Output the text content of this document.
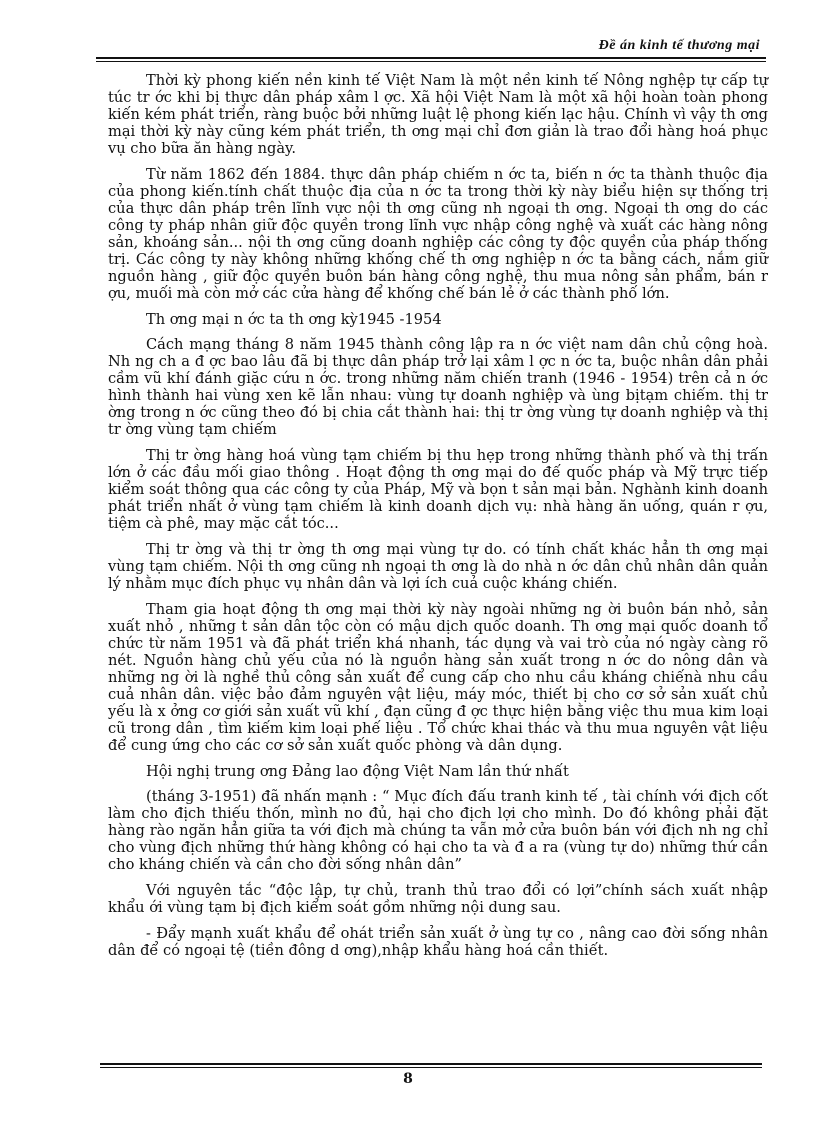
Đề án kinh tế thương mại

Thời kỳ phong kiến nền kinh tế Việt Nam là một nền kinh tế Nông nghệp tự cấp tự túc tr ớc khi bị thực dân pháp xâm l ợc. Xã hội Việt Nam là một xã hội hoàn toàn phong kiến kém phát triển, ràng buộc bởi những luật lệ phong kiến lạc hậu. Chính vì vậy th ơng mại thời kỳ này cũng kém phát triển, th ơng mại chỉ đơn giản là trao đổi hàng hoá phục vụ cho bữa ăn hàng ngày.

Từ năm 1862 đến 1884. thực dân pháp chiếm n ớc ta, biến n ớc ta thành thuộc địa của phong kiến.tính chất thuộc địa của n ớc ta trong thời kỳ này biểu hiện sự thống trị của thực dân pháp trên lĩnh vực nội th ơng cũng nh ngoại th ơng. Ngoại th ơng do các công ty pháp nhân giữ độc quyền trong lĩnh vực nhập công nghệ và xuất các hàng nông sản, khoáng sản... nội th ơng cũng doanh nghiệp các công ty độc quyền của pháp thống trị. Các công ty này không những khống chế th ơng nghiệp n ớc ta bằng cách, nắm giữ nguồn hàng , giữ độc quyền buôn bán hàng công nghệ, thu mua nông sản phẩm, bán r ợu, muối mà còn mở các cửa hàng để khống chế bán lẻ ở các thành phố lớn.

Th ơng mại n ớc ta th ơng kỳ1945 -1954

Cách mạng tháng 8 năm 1945 thành công lập ra n ớc việt nam dân chủ cộng hoà. Nh ng ch a đ ợc bao lâu đã bị thực dân pháp trở lại xâm l ợc n ớc ta, buộc nhân dân phải cầm vũ khí đánh giặc cứu n ớc. trong những năm chiến tranh (1946 - 1954) trên cả n ớc hình thành hai vùng xen kẽ lẫn nhau: vùng tự doanh nghiệp và ùng bịtạm chiếm. thị tr ờng trong n ớc cũng theo đó bị chia cắt thành hai: thị tr ờng vùng tự doanh nghiệp và thị tr ờng vùng tạm chiếm

Thị tr ờng hàng hoá vùng tạm chiếm bị thu hẹp trong những thành phố và thị trấn lớn ở các đầu mối giao thông . Hoạt động th ơng mại do đế quốc pháp và Mỹ trực tiếp kiểm soát thông qua các công ty của Pháp, Mỹ và bọn t sản mại bản. Nghành kinh doanh phát triển nhất ở vùng tạm chiếm là kinh doanh dịch vụ: nhà hàng ăn uống, quán r ợu, tiệm cà phê, may mặc cắt tóc...

Thị tr ờng và thị tr ờng th ơng mại vùng tự do. có tính chất khác hẳn th ơng mại vùng tạm chiếm. Nội th ơng cũng nh ngoại th ơng là do nhà n ớc dân chủ nhân dân quản lý nhằm mục đích phục vụ nhân dân và lợi ích cuả cuộc kháng chiến.

Tham gia hoạt động th ơng mại thời kỳ này ngoài những ng ời buôn bán nhỏ, sản xuất nhỏ , những t sản dân tộc còn có mậu dịch quốc doanh. Th ơng mại quốc doanh tổ chức từ năm 1951 và đã phát triển khá nhanh, tác dụng và vai trò của nó ngày càng rõ nét. Nguồn hàng chủ yếu của nó là nguồn hàng sản xuất trong n ớc do nông dân và những ng ời là nghề thủ công sản xuất để cung cấp cho nhu cầu kháng chiếnà nhu cầu cuả nhân dân. việc bảo đảm nguyên vật liệu, máy móc, thiết bị cho cơ sở sản xuất chủ yếu là x ởng cơ giới sản xuất vũ khí , đạn cũng đ ợc thực hiện bằng việc thu mua kim loại cũ trong dân , tìm kiếm kim loại phế liệu . Tổ chức khai thác và thu mua nguyên vật liệu để cung ứng cho các cơ sở sản xuất quốc phòng và dân dụng.

Hội nghị trung ơng Đảng lao động Việt Nam lần thứ nhất

(tháng 3-1951) đã nhấn mạnh : “ Mục đích đấu tranh kinh tế , tài chính với địch cốt làm cho địch thiếu thốn, mình no đủ, hại cho địch lợi cho mình. Do đó không phải đặt hàng rào ngăn hẳn giữa ta với địch mà chúng ta vẫn mở cửa buôn bán với địch nh ng chỉ cho vùng địch những thứ hàng không có hại cho ta và đ a ra (vùng tự do) những thứ cần cho kháng chiến và cần cho đời sống nhân dân”

Với nguyên tắc “độc lập, tự chủ, tranh thủ trao đổi có lợi”chính sách xuất nhập khẩu ới vùng tạm bị địch kiểm soát gồm những nội dung sau.

- Đẩy mạnh xuất khẩu để ohát triển sản xuất ở ùng tự co , nâng cao đời sống nhân dân để có ngoại tệ (tiền đông d ơng),nhập khẩu hàng hoá cần thiết.

8
